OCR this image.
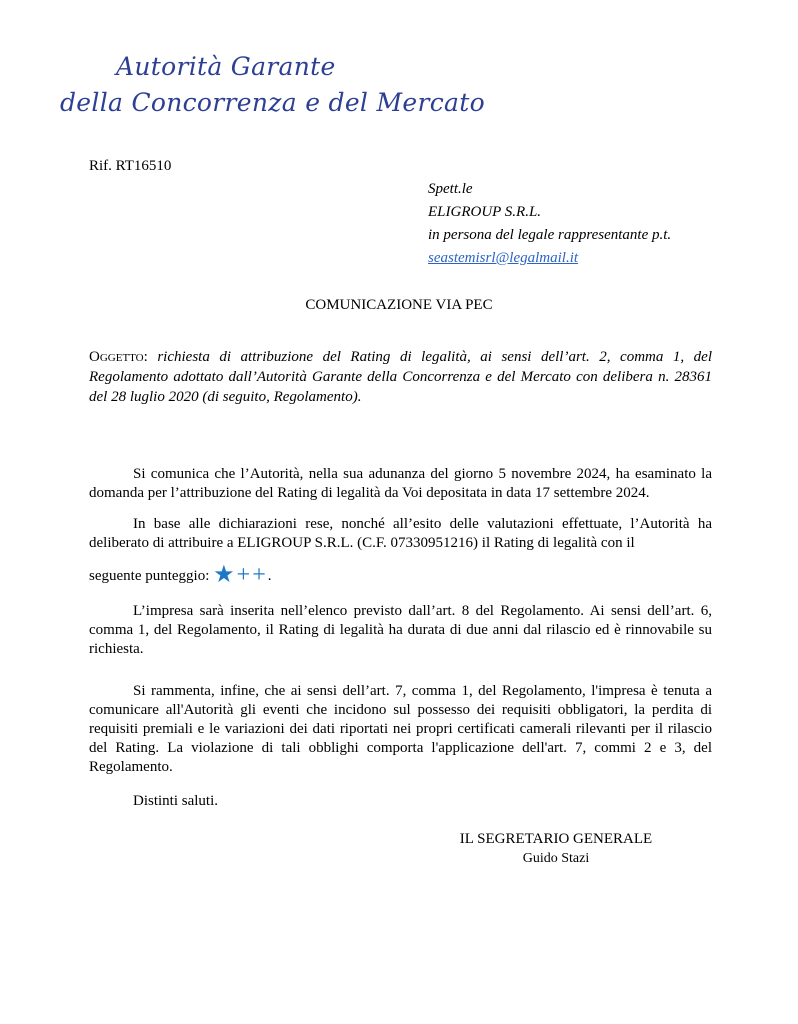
Autorità Garante
della Concorrenza e del Mercato
Rif. RT16510
Spett.le
ELIGROUP S.R.L.
in persona del legale rappresentante p.t.
seastemisrl@legalmail.it
COMUNICAZIONE VIA PEC
Oggetto: richiesta di attribuzione del Rating di legalità, ai sensi dell’art. 2, comma 1, del Regolamento adottato dall’Autorità Garante della Concorrenza e del Mercato con delibera n. 28361 del 28 luglio 2020 (di seguito, Regolamento).
Si comunica che l’Autorità, nella sua adunanza del giorno 5 novembre 2024, ha esaminato la domanda per l’attribuzione del Rating di legalità da Voi depositata in data 17 settembre 2024.
In base alle dichiarazioni rese, nonché all’esito delle valutazioni effettuate, l’Autorità ha deliberato di attribuire a ELIGROUP S.R.L. (C.F. 07330951216) il Rating di legalità con il
seguente punteggio: ★++.
L’impresa sarà inserita nell’elenco previsto dall’art. 8 del Regolamento. Ai sensi dell’art. 6, comma 1, del Regolamento, il Rating di legalità ha durata di due anni dal rilascio ed è rinnovabile su richiesta.
Si rammenta, infine, che ai sensi dell’art. 7, comma 1, del Regolamento, l'impresa è tenuta a comunicare all'Autorità gli eventi che incidono sul possesso dei requisiti obbligatori, la perdita di requisiti premiali e le variazioni dei dati riportati nei propri certificati camerali rilevanti per il rilascio del Rating. La violazione di tali obblighi comporta l'applicazione dell'art. 7, commi 2 e 3, del Regolamento.
Distinti saluti.
IL SEGRETARIO GENERALE
Guido Stazi
